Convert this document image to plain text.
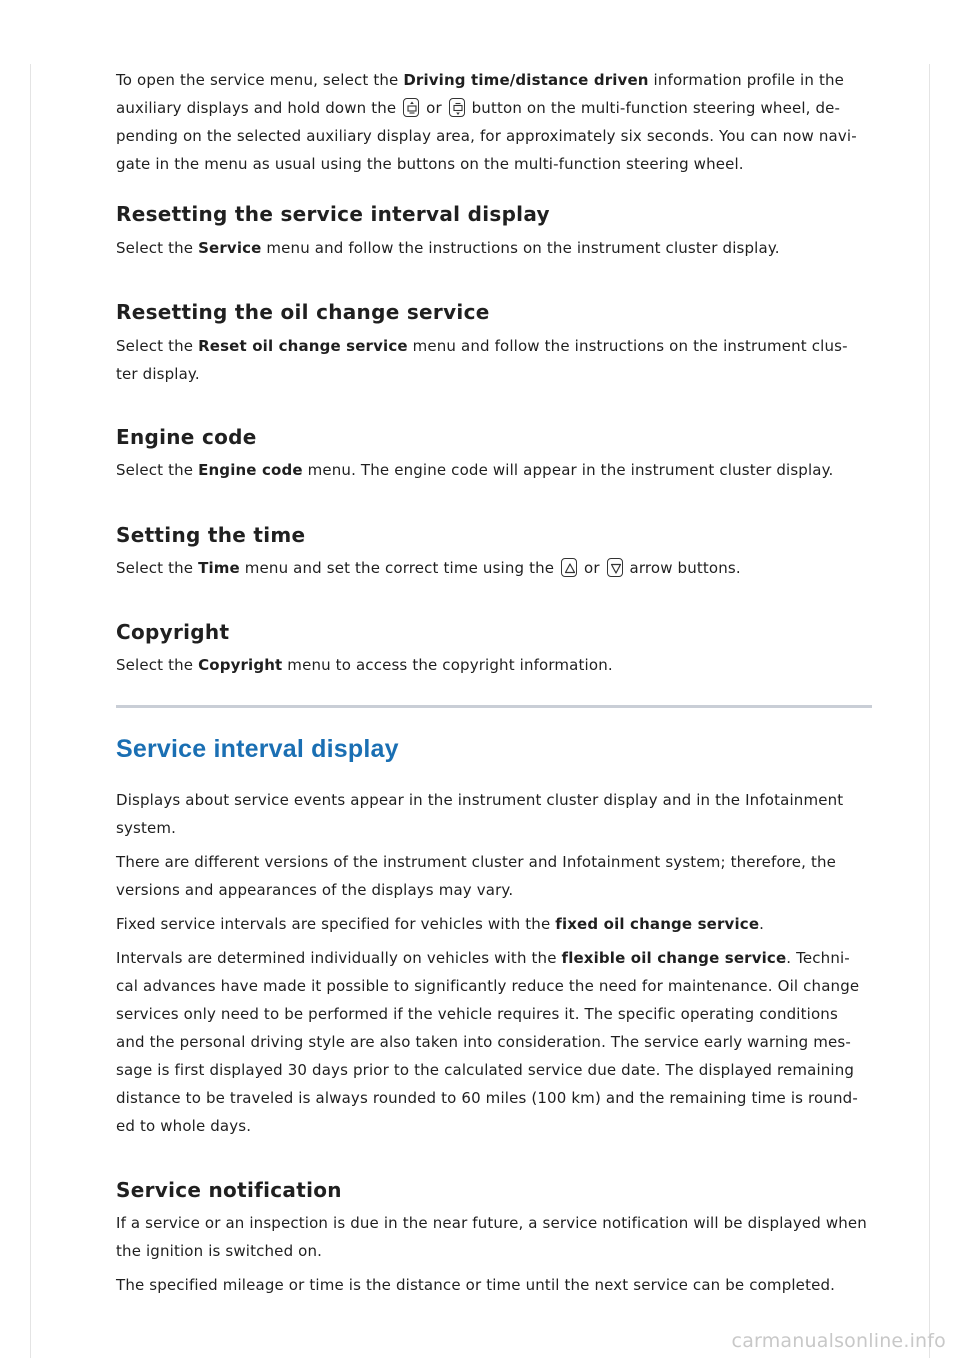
To open the service menu, select the Driving time/distance driven information profile in the

auxiliary displays and hold down the
or
button on the multi-function steering wheel, de-

pending on the selected auxiliary display area, for approximately six seconds. You can now navi-

gate in the menu as usual using the buttons on the multi-function steering wheel.

Resetting the service interval display

Select the Service menu and follow the instructions on the instrument cluster display.

Resetting the oil change service

Select the Reset oil change service menu and follow the instructions on the instrument clus-

ter display.

Engine code

Select the Engine code menu. The engine code will appear in the instrument cluster display.

Setting the time

Select the Time menu and set the correct time using the
or
arrow buttons.

Copyright

Select the Copyright menu to access the copyright information.

Service interval display

Displays about service events appear in the instrument cluster display and in the Infotainment

system.

There are different versions of the instrument cluster and Infotainment system; therefore, the

versions and appearances of the displays may vary.

Fixed service intervals are specified for vehicles with the fixed oil change service.

Intervals are determined individually on vehicles with the flexible oil change service. Techni-

cal advances have made it possible to significantly reduce the need for maintenance. Oil change

services only need to be performed if the vehicle requires it. The specific operating conditions

and the personal driving style are also taken into consideration. The service early warning mes-

sage is first displayed 30 days prior to the calculated service due date. The displayed remaining

distance to be traveled is always rounded to 60 miles (100 km) and the remaining time is round-

ed to whole days.

Service notification

If a service or an inspection is due in the near future, a service notification will be displayed when

the ignition is switched on.

The specified mileage or time is the distance or time until the next service can be completed.

carmanualsonline.info
